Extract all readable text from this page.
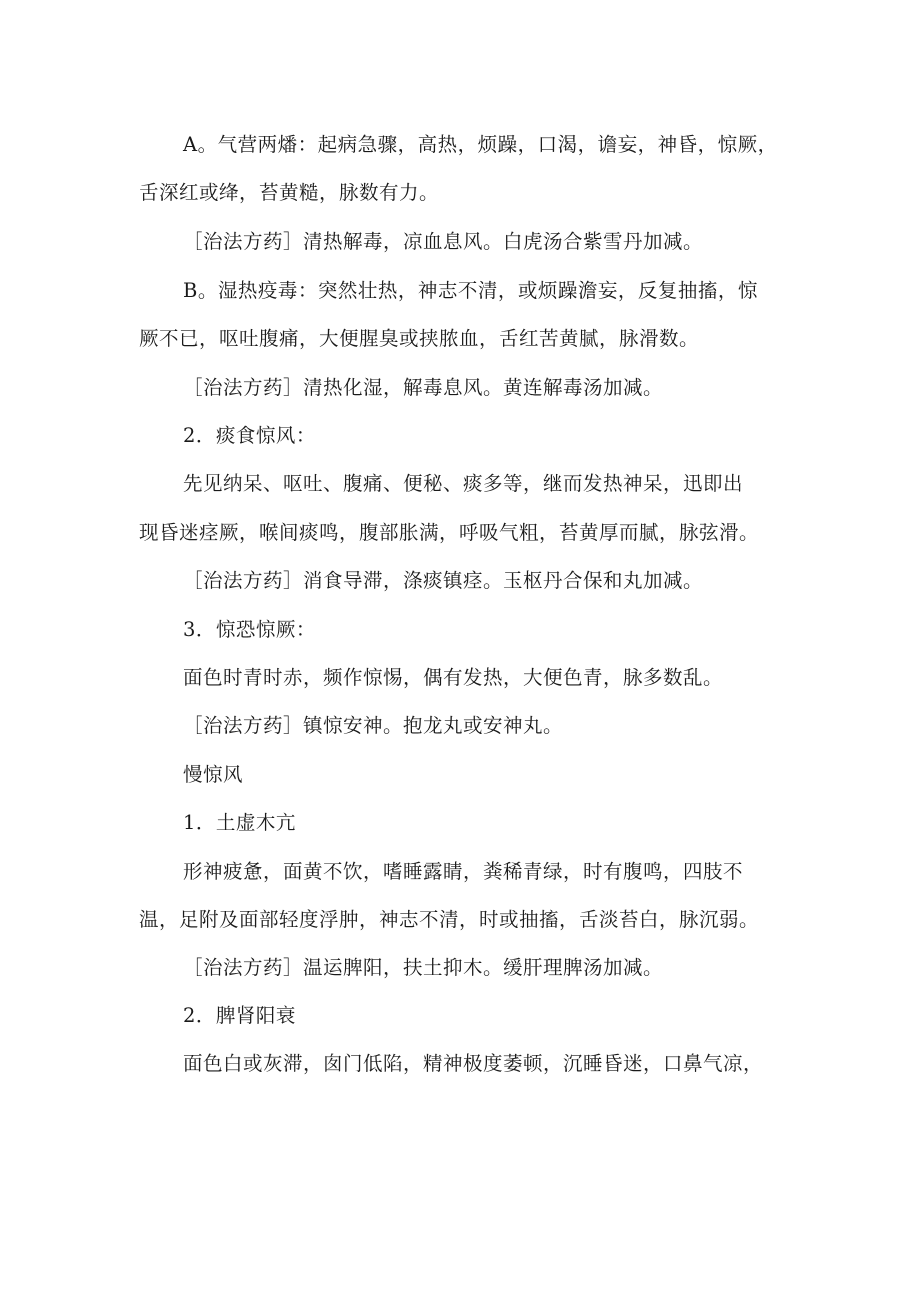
A。气营两燔：起病急骤，高热，烦躁，口渴，谵妄，神昏，惊厥，
舌深红或绛，苔黄糙，脉数有力。
［治法方药］清热解毒，凉血息风。白虎汤合紫雪丹加减。
B。湿热疫毒：突然壮热，神志不清，或烦躁澹妄，反复抽搐，惊
厥不已，呕吐腹痛，大便腥臭或挟脓血，舌红苦黄腻，脉滑数。
［治法方药］清热化湿，解毒息风。黄连解毒汤加减。
2．痰食惊风：
先见纳呆、呕吐、腹痛、便秘、痰多等，继而发热神呆，迅即出
现昏迷痉厥，喉间痰鸣，腹部胀满，呼吸气粗，苔黄厚而腻，脉弦滑。
［治法方药］消食导滞，涤痰镇痉。玉枢丹合保和丸加减。
3．惊恐惊厥：
面色时青时赤，频作惊惕，偶有发热，大便色青，脉多数乱。
［治法方药］镇惊安神。抱龙丸或安神丸。
慢惊风
1．土虚木亢
形神疲惫，面黄不饮，嗜睡露睛，粪稀青绿，时有腹鸣，四肢不
温，足附及面部轻度浮肿，神志不清，时或抽搐，舌淡苔白，脉沉弱。
［治法方药］温运脾阳，扶土抑木。缓肝理脾汤加减。
2．脾肾阳衰
面色白或灰滞，囱门低陷，精神极度萎顿，沉睡昏迷，口鼻气凉，
